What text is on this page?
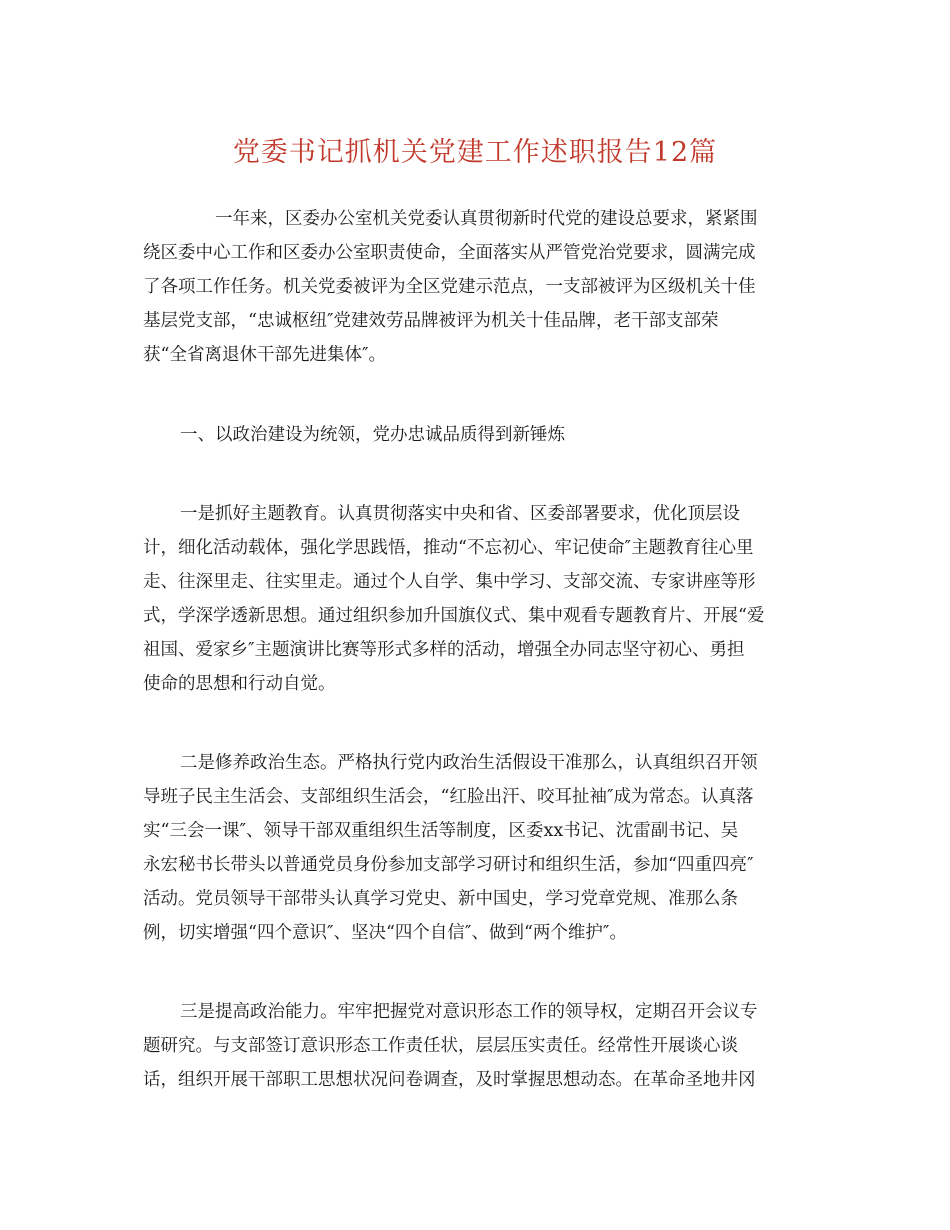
党委书记抓机关党建工作述职报告12篇

一年来，区委办公室机关党委认真贯彻新时代党的建设总要求，紧紧围

绕区委中心工作和区委办公室职责使命，全面落实从严管党治党要求，圆满完成

了各项工作任务。机关党委被评为全区党建示范点，一支部被评为区级机关十佳

基层党支部，“忠诚枢纽″党建效劳品牌被评为机关十佳品牌，老干部支部荣

获“全省离退休干部先进集体″。

一、以政治建设为统领，党办忠诚品质得到新锤炼

一是抓好主题教育。认真贯彻落实中央和省、区委部署要求，优化顶层设

计，细化活动载体，强化学思践悟，推动“不忘初心、牢记使命″主题教育往心里

走、往深里走、往实里走。通过个人自学、集中学习、支部交流、专家讲座等形

式，学深学透新思想。通过组织参加升国旗仪式、集中观看专题教育片、开展“爱

祖国、爱家乡″主题演讲比赛等形式多样的活动，增强全办同志坚守初心、勇担

使命的思想和行动自觉。

二是修养政治生态。严格执行党内政治生活假设干准那么，认真组织召开领

导班子民主生活会、支部组织生活会，“红脸出汗、咬耳扯袖″成为常态。认真落

实“三会一课″、领导干部双重组织生活等制度，区委xx书记、沈雷副书记、吴

永宏秘书长带头以普通党员身份参加支部学习研讨和组织生活，参加“四重四亮″

活动。党员领导干部带头认真学习党史、新中国史，学习党章党规、准那么条

例，切实增强“四个意识″、坚决“四个自信″、做到“两个维护″。

三是提高政治能力。牢牢把握党对意识形态工作的领导权，定期召开会议专

题研究。与支部签订意识形态工作责任状，层层压实责任。经常性开展谈心谈

话，组织开展干部职工思想状况问卷调查，及时掌握思想动态。在革命圣地井冈
